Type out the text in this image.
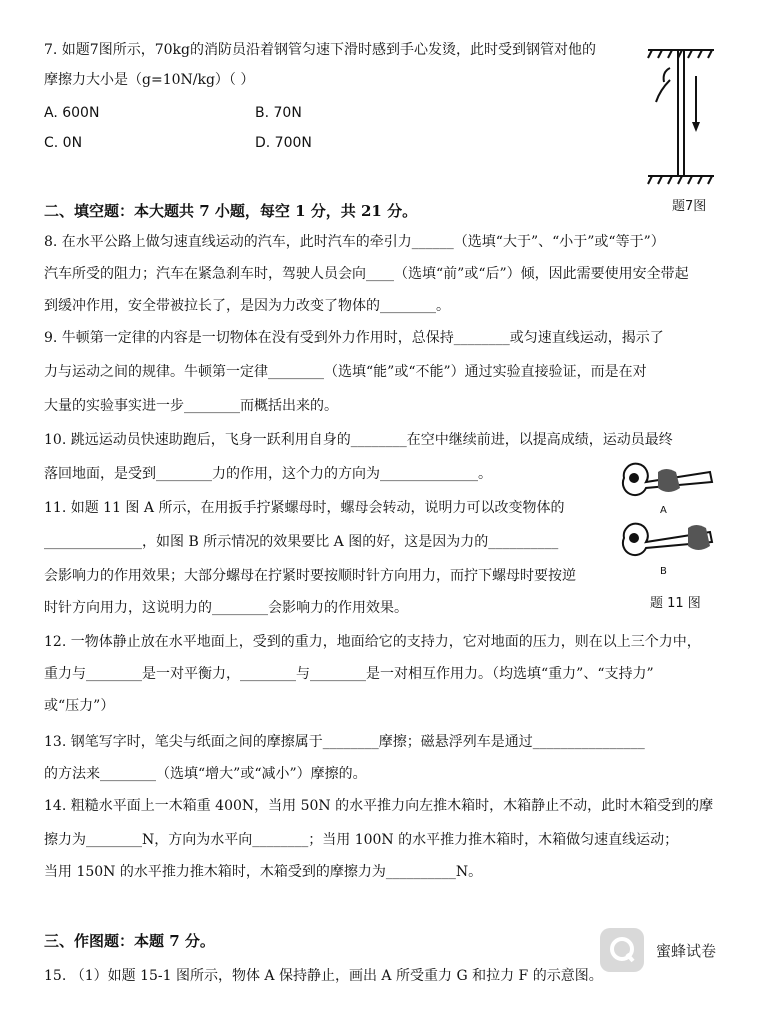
7. 如题7图所示，70kg的消防员沿着钢管匀速下滑时感到手心发烫，此时受到钢管对他的
摩擦力大小是（g=10N/kg）（ ）
A. 600N	B. 70N
C. 0N	D. 700N
题7图
二、填空题：本大题共 7 小题，每空 1 分，共 21 分。
8. 在水平公路上做匀速直线运动的汽车，此时汽车的牵引力______（选填“大于”、“小于”或“等于”）
汽车所受的阻力；汽车在紧急刹车时，驾驶人员会向____（选填“前”或“后”）倾，因此需要使用安全带起
到缓冲作用，安全带被拉长了，是因为力改变了物体的________。
9. 牛顿第一定律的内容是一切物体在没有受到外力作用时，总保持________或匀速直线运动，揭示了
力与运动之间的规律。牛顿第一定律________（选填“能”或“不能”）通过实验直接验证，而是在对
大量的实验事实进一步________而概括出来的。
10. 跳远运动员快速助跑后，飞身一跃利用自身的________在空中继续前进，以提高成绩，运动员最终
落回地面，是受到________力的作用，这个力的方向为______________。
11. 如题 11 图 A 所示，在用扳手拧紧螺母时，螺母会转动，说明力可以改变物体的
______________，如图 B 所示情况的效果要比 A 图的好，这是因为力的__________
会影响力的作用效果；大部分螺母在拧紧时要按顺时针方向用力，而拧下螺母时要按逆
时针方向用力，这说明力的________会影响力的作用效果。
A
B
题 11 图
12. 一物体静止放在水平地面上，受到的重力，地面给它的支持力，它对地面的压力，则在以上三个力中，
重力与________是一对平衡力，________与________是一对相互作用力。（均选填“重力”、“支持力”
或“压力”）
13. 钢笔写字时，笔尖与纸面之间的摩擦属于________摩擦；磁悬浮列车是通过________________
的方法来________（选填“增大”或“减小”）摩擦的。
14. 粗糙水平面上一木箱重 400N，当用 50N 的水平推力向左推木箱时，木箱静止不动，此时木箱受到的摩
擦力为________N，方向为水平向________；当用 100N 的水平推力推木箱时，木箱做匀速直线运动；
当用 150N 的水平推力推木箱时，木箱受到的摩擦力为__________N。
三、作图题：本题 7 分。
15. （1）如题 15-1 图所示，物体 A 保持静止，画出 A 所受重力 G 和拉力 F 的示意图。
蜜蜂试卷
